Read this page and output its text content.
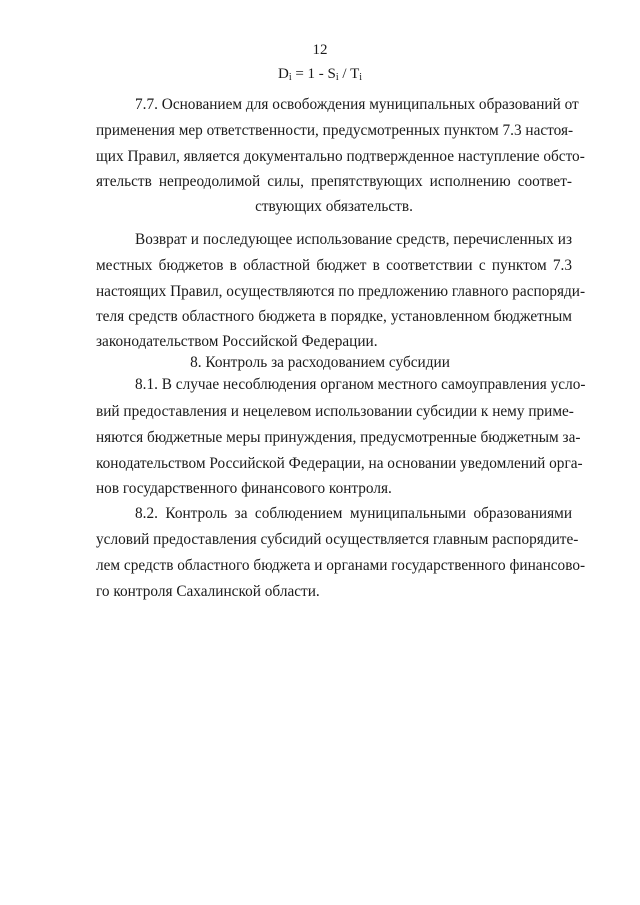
12
$D_i = 1 - S_i / T_i$
7.7. Основанием для освобождения муниципальных образований от
применения мер ответственности, предусмотренных пунктом 7.3 настоя-
щих Правил, является документально подтвержденное наступление обсто-
ятельств непреодолимой силы, препятствующих исполнению соответ-
ствующих обязательств.
Возврат и последующее использование средств, перечисленных из
местных бюджетов в областной бюджет в соответствии с пунктом 7.3
настоящих Правил, осуществляются по предложению главного распоряди-
теля средств областного бюджета в порядке, установленном бюджетным
законодательством Российской Федерации.
8. Контроль за расходованием субсидии
8.1. В случае несоблюдения органом местного самоуправления усло-
вий предоставления и нецелевом использовании субсидии к нему приме-
няются бюджетные меры принуждения, предусмотренные бюджетным за-
конодательством Российской Федерации, на основании уведомлений орга-
нов государственного финансового контроля.
8.2. Контроль за соблюдением муниципальными образованиями
условий предоставления субсидий осуществляется главным распорядите-
лем средств областного бюджета и органами государственного финансово-
го контроля Сахалинской области.
